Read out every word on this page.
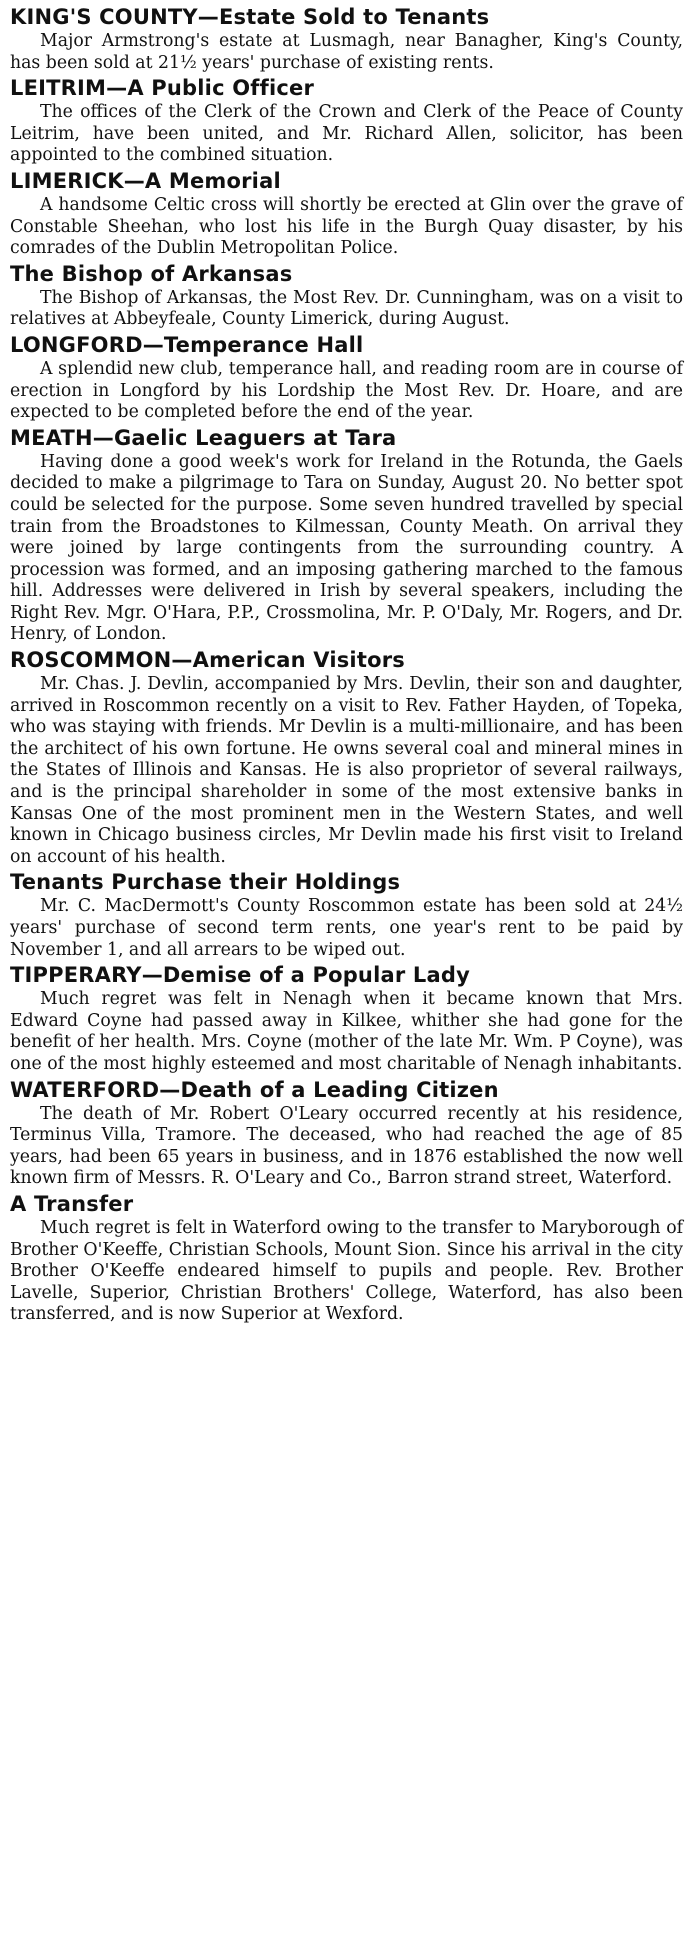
KING'S COUNTY—Estate Sold to Tenants

Major Armstrong's estate at Lusmagh, near Banagher, King's County, has been sold at 21½ years' purchase of existing rents.

LEITRIM—A Public Officer

The offices of the Clerk of the Crown and Clerk of the Peace of County Leitrim, have been united, and Mr. Richard Allen, solicitor, has been appointed to the combined situation.

LIMERICK—A Memorial

A handsome Celtic cross will shortly be erected at Glin over the grave of Constable Sheehan, who lost his life in the Burgh Quay disaster, by his comrades of the Dublin Metropolitan Police.

The Bishop of Arkansas

The Bishop of Arkansas, the Most Rev. Dr. Cunningham, was on a visit to relatives at Abbeyfeale, County Limerick, during August.

LONGFORD—Temperance Hall

A splendid new club, temperance hall, and reading room are in course of erection in Longford by his Lordship the Most Rev. Dr. Hoare, and are expected to be completed before the end of the year.

MEATH—Gaelic Leaguers at Tara

Having done a good week's work for Ireland in the Rotunda, the Gaels decided to make a pilgrimage to Tara on Sunday, August 20. No better spot could be selected for the purpose. Some seven hundred travelled by special train from the Broadstones to Kilmessan, County Meath. On arrival they were joined by large contingents from the surrounding country. A procession was formed, and an imposing gathering marched to the famous hill. Addresses were delivered in Irish by several speakers, including the Right Rev. Mgr. O'Hara, P.P., Crossmolina, Mr. P. O'Daly, Mr. Rogers, and Dr. Henry, of London.

ROSCOMMON—American Visitors

Mr. Chas. J. Devlin, accompanied by Mrs. Devlin, their son and daughter, arrived in Roscommon recently on a visit to Rev. Father Hayden, of Topeka, who was staying with friends. Mr Devlin is a multi-millionaire, and has been the architect of his own fortune. He owns several coal and mineral mines in the States of Illinois and Kansas. He is also proprietor of several railways, and is the principal shareholder in some of the most extensive banks in Kansas One of the most prominent men in the Western States, and well known in Chicago business circles, Mr Devlin made his first visit to Ireland on account of his health.

Tenants Purchase their Holdings

Mr. C. MacDermott's County Roscommon estate has been sold at 24½ years' purchase of second term rents, one year's rent to be paid by November 1, and all arrears to be wiped out.

TIPPERARY—Demise of a Popular Lady

Much regret was felt in Nenagh when it became known that Mrs. Edward Coyne had passed away in Kilkee, whither she had gone for the benefit of her health. Mrs. Coyne (mother of the late Mr. Wm. P Coyne), was one of the most highly esteemed and most charitable of Nenagh inhabitants.

WATERFORD—Death of a Leading Citizen

The death of Mr. Robert O'Leary occurred recently at his residence, Terminus Villa, Tramore. The deceased, who had reached the age of 85 years, had been 65 years in business, and in 1876 established the now well known firm of Messrs. R. O'Leary and Co., Barron strand street, Waterford.

A Transfer

Much regret is felt in Waterford owing to the transfer to Maryborough of Brother O'Keeffe, Christian Schools, Mount Sion. Since his arrival in the city Brother O'Keeffe endeared himself to pupils and people. Rev. Brother Lavelle, Superior, Christian Brothers' College, Waterford, has also been transferred, and is now Superior at Wexford.
